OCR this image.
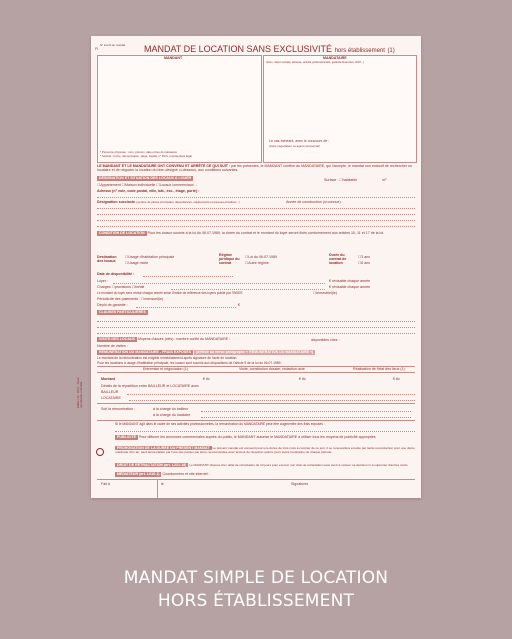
N° inscrit au mandat
FI	MANDAT DE LOCATION SANS EXCLUSIVITÉ hors établissement (1)
MANDANT
* Personne physique : nom, prénom, date et lieu de naissance
* Société : forme, dénomination, siège, capital, n° RCS, représentant légal
MANDATAIRE
(Nom, raison sociale, adresse, activité professionnelle, garantie financière, RCP...)
Le cas échéant, avec le concours de :
(Autre négociateur ou agent commercial)
LE MANDANT ET LE MANDATAIRE ONT CONVENU ET ARRÊTÉ CE QUI SUIT : par les présentes, le MANDANT confère au MANDATAIRE, qui l'accepte, le mandat non exclusif de rechercher un locataire et de négocier la location du bien désigné ci-dessous, aux conditions suivantes.
DÉSIGNATION ET SITUATION DES LOCAUX À LOUER
☐Appartement ☐Maison individuelle ☐Locaux commerciaux ...
Surface : ☐habitable	m²
Adresse (n° voie, code postal, ville, bât., esc., étage, porte) :
Désignation succincte (nombre de pièces principales, dépendances, équipements et annexes privatives...)	Année de construction (si connue) :
CONDITION DE LOCATION Pour les locaux soumis à la loi du 06.07.1989, la durée du contrat et le montant du loyer seront fixés conformément aux articles 10, 11 et 17 de la loi.
Destination des locaux
☐Usage d'habitation principale
☐Usage mixte
Régime juridique du contrat
☐Loi du 06.07.1989
☐Autre régime
Durée du contrat de location
☐3 ans
☐6 ans
Date de disponibilité :
Loyer :	€ révisable chaque année
Charges ☐provisions ☐forfait	€ révisable chaque année
Le montant du loyer sera révisé chaque année selon l'indice de référence des loyers publié par l'INSEE	☐trimestriel(le)
Périodicité des paiements : ☐mensuel(le)
Dépôt de garantie :	€
CLAUSES PARTICULIÈRES
VISITE DES LOCAUX Moyens d'accès (clés) : nombre confié au MANDATAIRE :	disponibles chez :
Nombre de visites :
RÉMUNÉRATION DU MANDATAIRE - FRAIS EXPOSÉS (définie au verso paragraphe « RÉMUNÉRATION DU MANDATAIRE »)
Le montant de la rémunération est exigible immédiatement après signature de l'acte de location.
Pour les locations à usage d'habitation principale, les locaux sont soumis aux dispositions de l'article 5 de la loi du 06.07.1989 :
Entremise et négociation (1)	Visite, constitution dossier, rédaction acte	Réalisation de l'état des lieux (1)
Montant	€ ttc	€ ttc	€ ttc
Détails de la répartition entre BAILLEUR et LOCATAIRE avec
BAILLEUR
LOCATAIRE
Soit la rémunération :	à la charge du bailleur
à la charge du locataire
Si le MANDANT agit dans le cadre de ses activités professionnelles, la rémunération du MANDATAIRE peut être augmentée des frais exposés :
PUBLICITÉ Pour diffuser les annonces commerciales auprès du public, le MANDANT autorise le MANDATAIRE à utiliser tous les moyens de publicité appropriés
PROROGATION DE LA DURÉE DU PRÉSENT MANDAT Le présent mandat est consenti pour une durée de trois mois à compter de ce jour. Il se renouvellera ensuite par tacite reconduction pour une durée maximale d'un an, sauf dénonciation par l'une des parties par lettre recommandée avec accusé de réception quinze jours avant l'expiration de chaque période.
DROIT DE RÉTRACTATION (art. L221-18) Le MANDANT dispose d'un délai de rétractation de 14 jours pour exercer son droit de rétractation sans avoir à motiver sa décision ni à supporter d'autres coûts.
MÉDIATEUR (art. L616-1) Coordonnées et site internet :
Fait à	le	Signatures
Édition 12 - 2021 - Toute reproduction interdite
MANDAT SIMPLE DE LOCATION
HORS ÉTABLISSEMENT
